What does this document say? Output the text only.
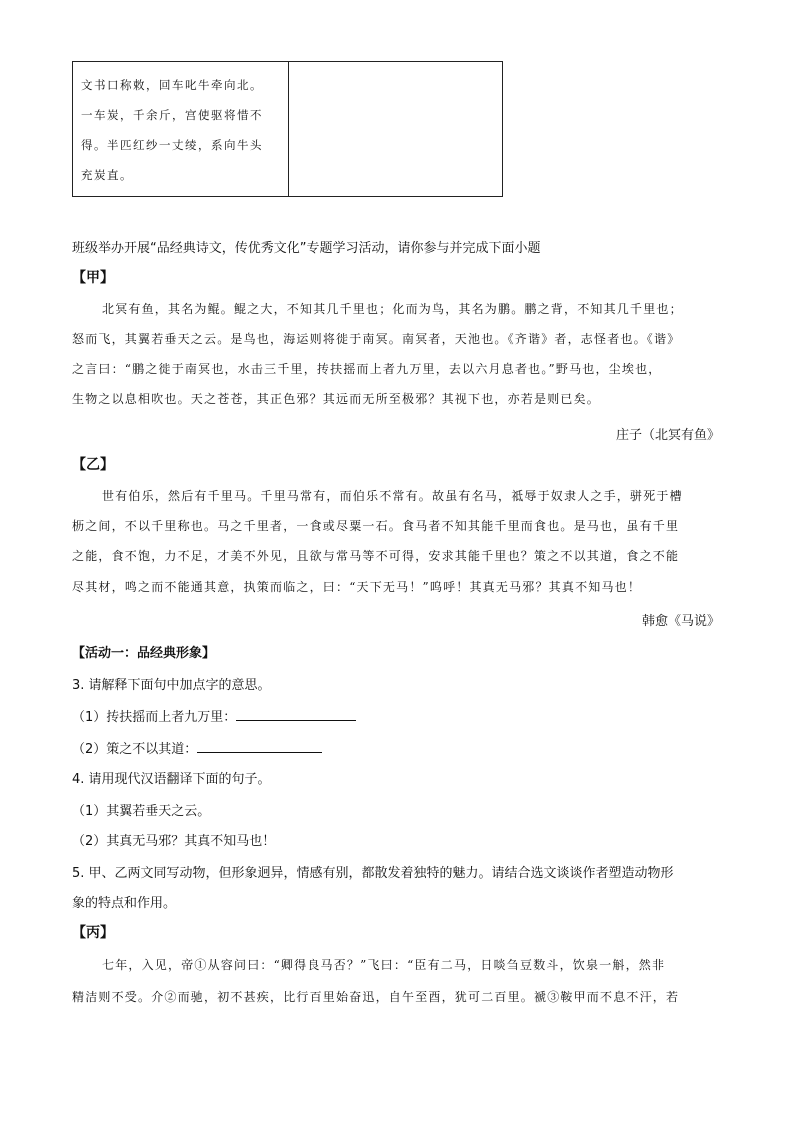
文书口称敕，回车叱牛牵向北。
一车炭，千余斤，宫使驱将惜不
得。半匹红纱一丈绫，系向牛头
充炭直。
班级举办开展“品经典诗文，传优秀文化”专题学习活动，请你参与并完成下面小题
【甲】
北冥有鱼，其名为鲲。鲲之大，不知其几千里也；化而为鸟，其名为鹏。鹏之背，不知其几千里也；
怒而飞，其翼若垂天之云。是鸟也，海运则将徙于南冥。南冥者，天池也。《齐谐》者，志怪者也。《谐》
之言曰：“鹏之徙于南冥也，水击三千里，抟扶摇而上者九万里，去以六月息者也。”野马也，尘埃也，
生物之以息相吹也。天之苍苍，其正色邪？其远而无所至极邪？其视下也，亦若是则已矣。
庄子（北冥有鱼》
【乙】
世有伯乐，然后有千里马。千里马常有，而伯乐不常有。故虽有名马，祗辱于奴隶人之手，骈死于槽
枥之间，不以千里称也。马之千里者，一食或尽粟一石。食马者不知其能千里而食也。是马也，虽有千里
之能，食不饱，力不足，才美不外见，且欲与常马等不可得，安求其能千里也？策之不以其道，食之不能
尽其材，鸣之而不能通其意，执策而临之，曰：“天下无马！”呜呼！其真无马邪？其真不知马也！
韩愈《马说》
【活动一：品经典形象】
3. 请解释下面句中加点字的意思。
（1）抟扶摇而上者九万里：
（2）策之不以其道：
4. 请用现代汉语翻译下面的句子。
（1）其翼若垂天之云。
（2）其真无马邪？其真不知马也！
5. 甲、乙两文同写动物，但形象迥异，情感有别，都散发着独特的魅力。请结合选文谈谈作者塑造动物形
象的特点和作用。
【丙】
七年，入见，帝①从容问曰：“卿得良马否？”飞曰：“臣有二马，日啖刍豆数斗，饮泉一斛，然非
精洁则不受。介②而驰，初不甚疾，比行百里始奋迅，自午至酉，犹可二百里。褫③鞍甲而不息不汗，若
